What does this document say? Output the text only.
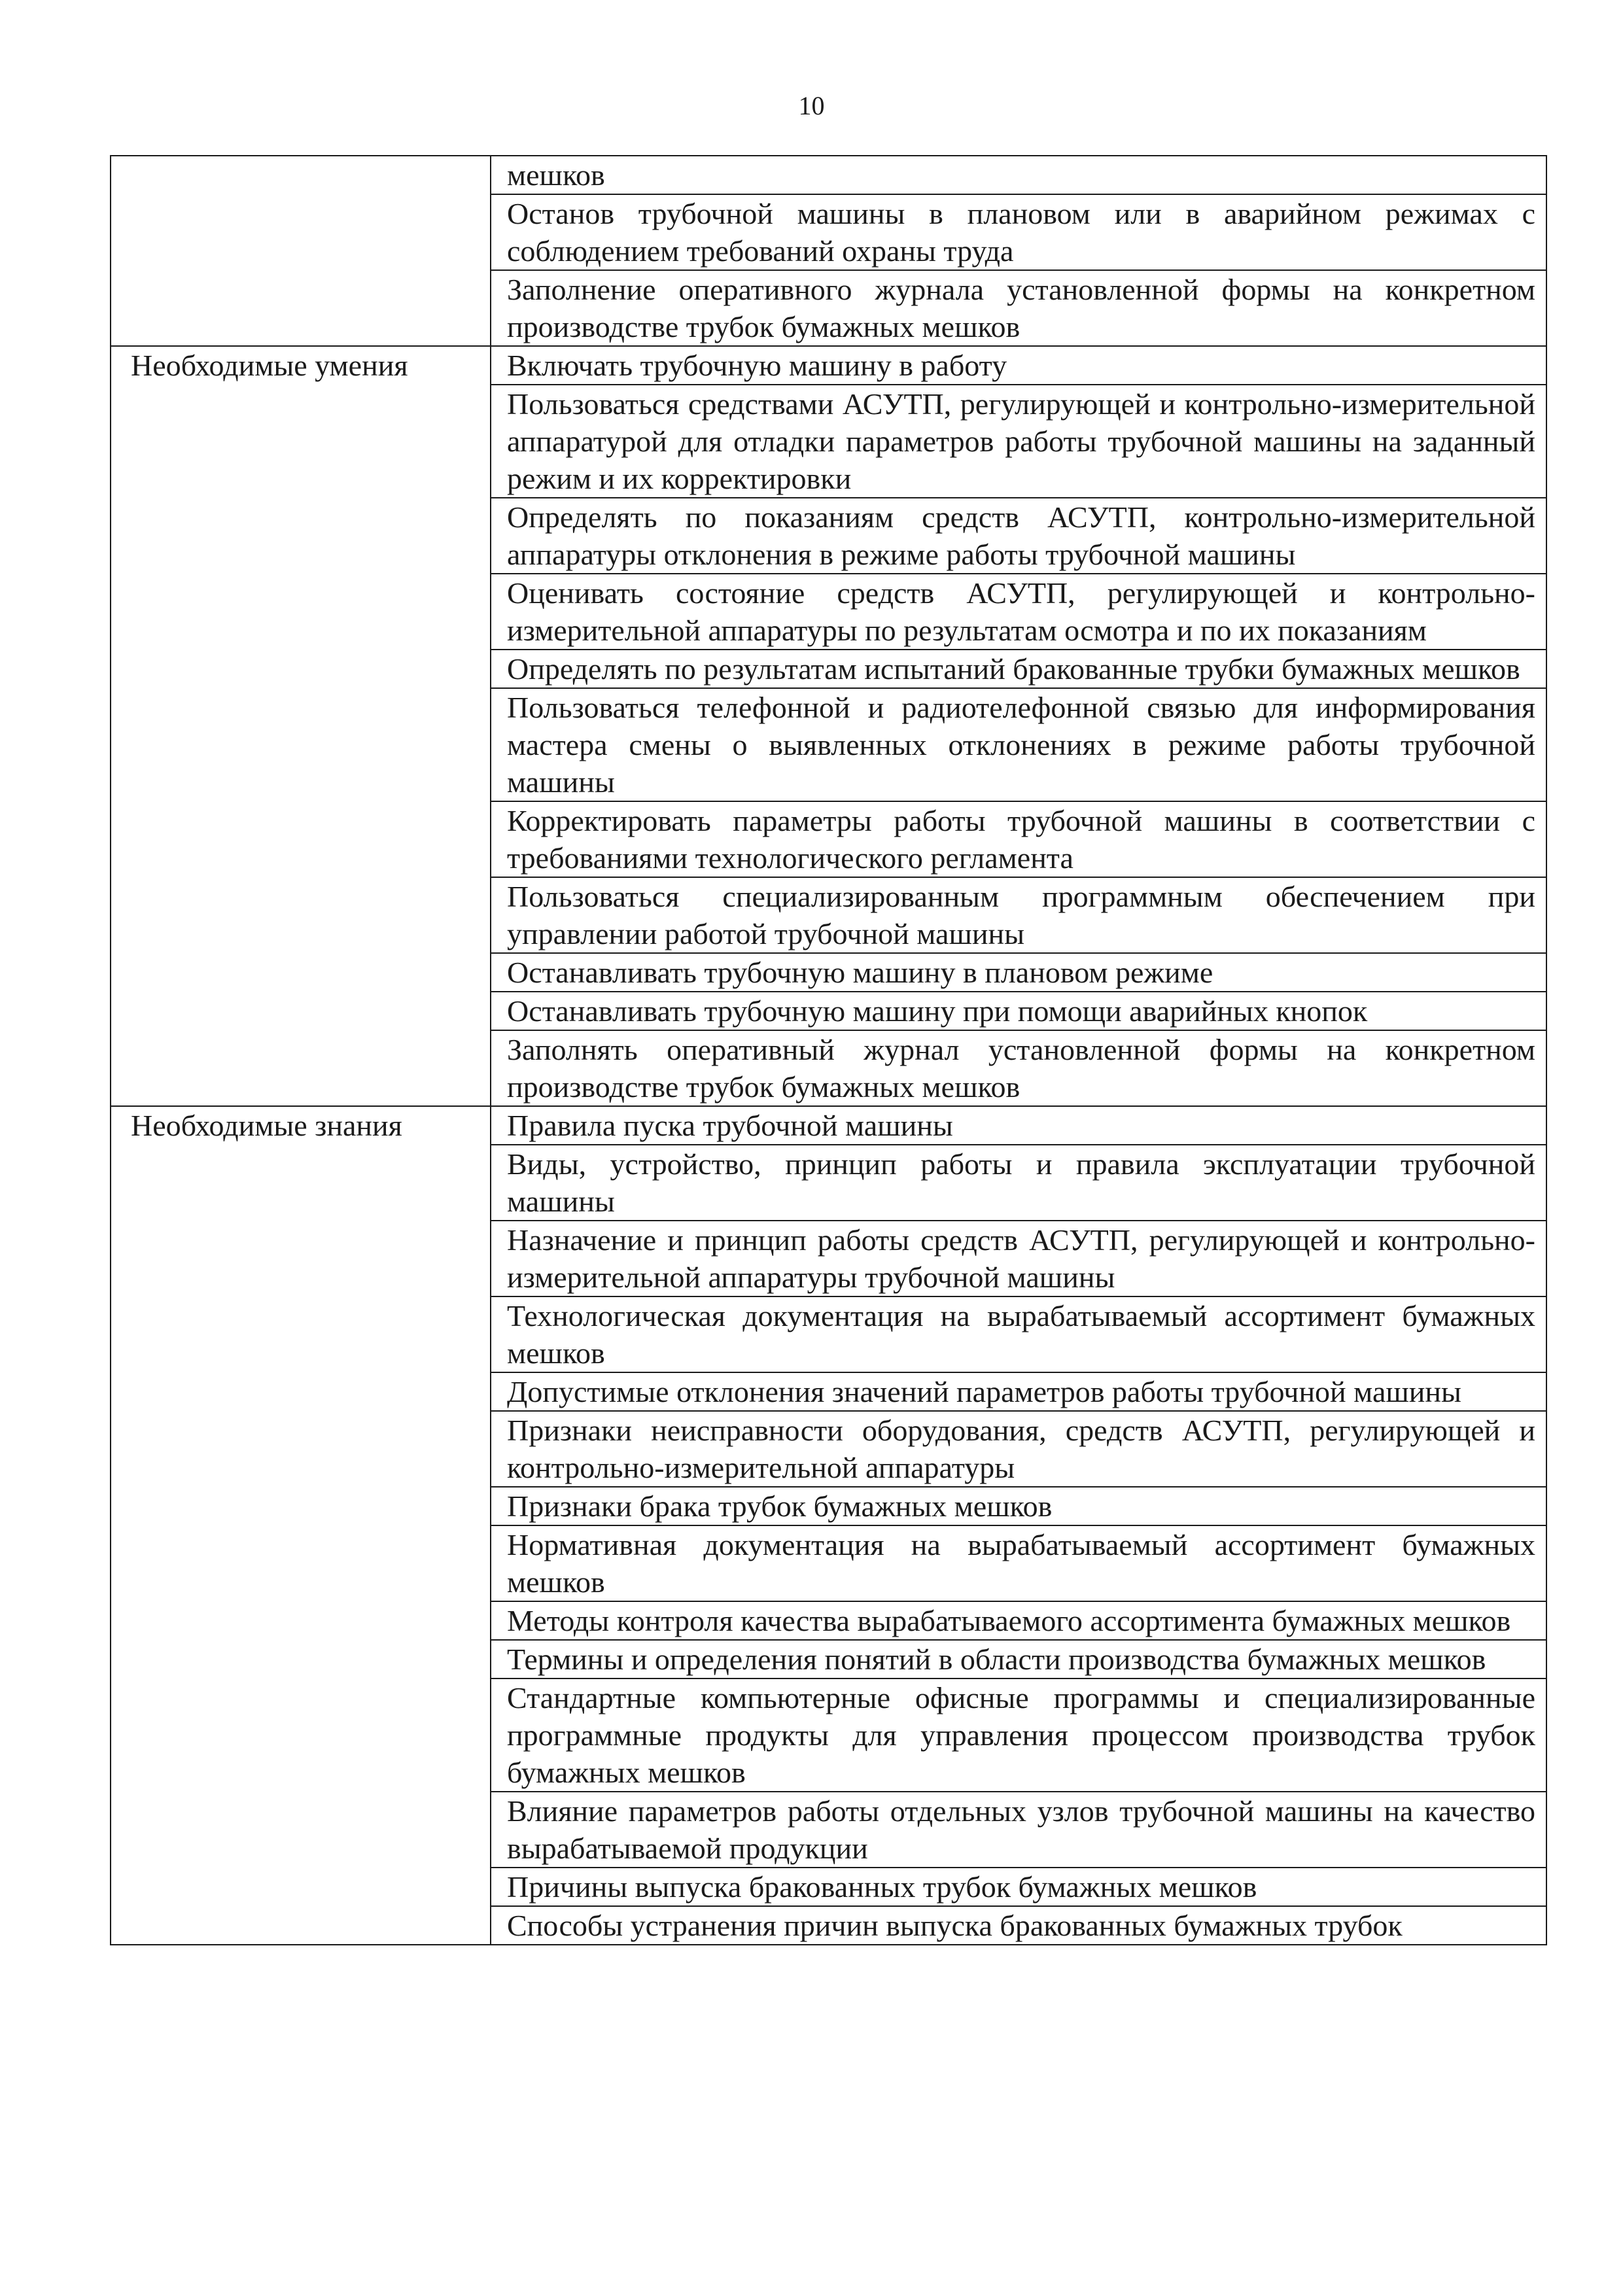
10
	мешков
	Останов трубочной машины в плановом или в аварийном режимах с соблюдением требований охраны труда
	Заполнение оперативного журнала установленной формы на конкретном производстве трубок бумажных мешков
Необходимые умения	Включать трубочную машину в работу
	Пользоваться средствами АСУТП, регулирующей и контрольно-измерительной аппаратурой для отладки параметров работы трубочной машины на заданный режим и их корректировки
	Определять по показаниям средств АСУТП, контрольно-измерительной аппаратуры отклонения в режиме работы трубочной машины
	Оценивать состояние средств АСУТП, регулирующей и контрольно-измерительной аппаратуры по результатам осмотра и по их показаниям
	Определять по результатам испытаний бракованные трубки бумажных мешков
	Пользоваться телефонной и радиотелефонной связью для информирования мастера смены о выявленных отклонениях в режиме работы трубочной машины
	Корректировать параметры работы трубочной машины в соответствии с требованиями технологического регламента
	Пользоваться специализированным программным обеспечением при управлении работой трубочной машины
	Останавливать трубочную машину в плановом режиме
	Останавливать трубочную машину при помощи аварийных кнопок
	Заполнять оперативный журнал установленной формы на конкретном производстве трубок бумажных мешков
Необходимые знания	Правила пуска трубочной машины
	Виды, устройство, принцип работы и правила эксплуатации трубочной машины
	Назначение и принцип работы средств АСУТП, регулирующей и контрольно-измерительной аппаратуры трубочной машины
	Технологическая документация на вырабатываемый ассортимент бумажных мешков
	Допустимые отклонения значений параметров работы трубочной машины
	Признаки неисправности оборудования, средств АСУТП, регулирующей и контрольно-измерительной аппаратуры
	Признаки брака трубок бумажных мешков
	Нормативная документация на вырабатываемый ассортимент бумажных мешков
	Методы контроля качества вырабатываемого ассортимента бумажных мешков
	Термины и определения понятий в области производства бумажных мешков
	Стандартные компьютерные офисные программы и специализированные программные продукты для управления процессом производства трубок бумажных мешков
	Влияние параметров работы отдельных узлов трубочной машины на качество вырабатываемой продукции
	Причины выпуска бракованных трубок бумажных мешков
	Способы устранения причин выпуска бракованных бумажных трубок
